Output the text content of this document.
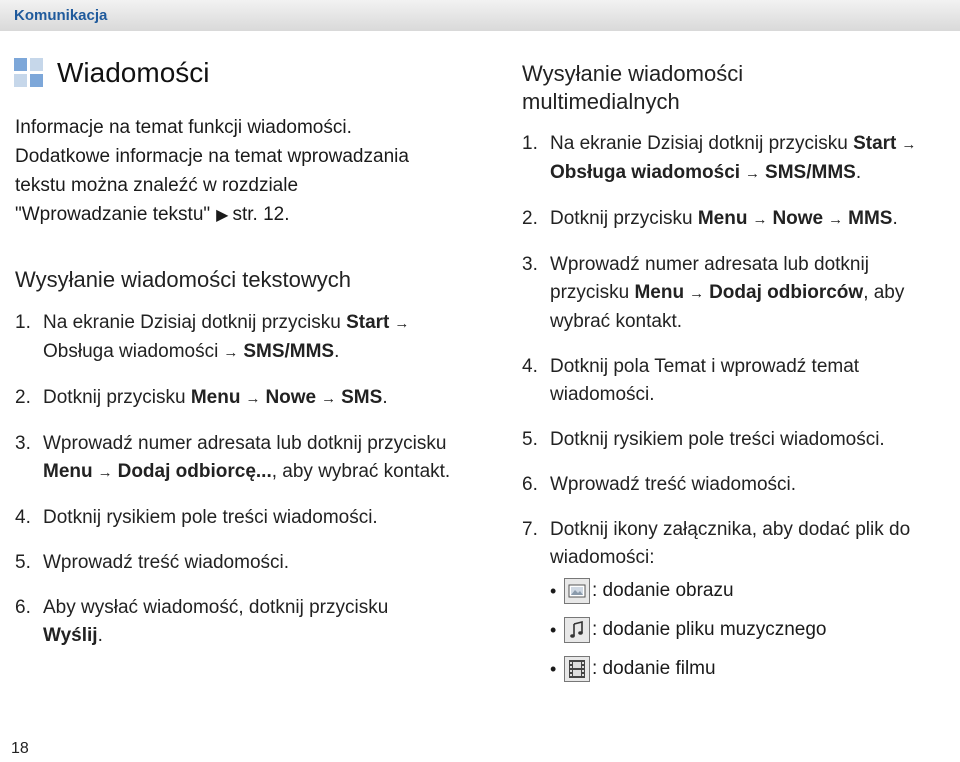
Komunikacja
Wiadomości
Informacje na temat funkcji wiadomości.
Dodatkowe informacje na temat wprowadzania
tekstu można znaleźć w rozdziale
"Wprowadzanie tekstu" ▶ str. 12.
Wysyłanie wiadomości tekstowych
1. Na ekranie Dzisiaj dotknij przycisku Start →
Obsługa wiadomości → SMS/MMS.
2. Dotknij przycisku Menu → Nowe → SMS.
3. Wprowadź numer adresata lub dotknij przycisku Menu → Dodaj odbiorcę..., aby wybrać kontakt.
4. Dotknij rysikiem pole treści wiadomości.
5. Wprowadź treść wiadomości.
6. Aby wysłać wiadomość, dotknij przycisku Wyślij.
Wysyłanie wiadomości
multimedialnych
1. Na ekranie Dzisiaj dotknij przycisku Start →
Obsługa wiadomości → SMS/MMS.
2. Dotknij przycisku Menu → Nowe → MMS.
3. Wprowadź numer adresata lub dotknij przycisku Menu → Dodaj odbiorców, aby wybrać kontakt.
4. Dotknij pola Temat i wprowadź temat wiadomości.
5. Dotknij rysikiem pole treści wiadomości.
6. Wprowadź treść wiadomości.
7. Dotknij ikony załącznika, aby dodać plik do wiadomości:
• : dodanie obrazu
• : dodanie pliku muzycznego
• : dodanie filmu
18
